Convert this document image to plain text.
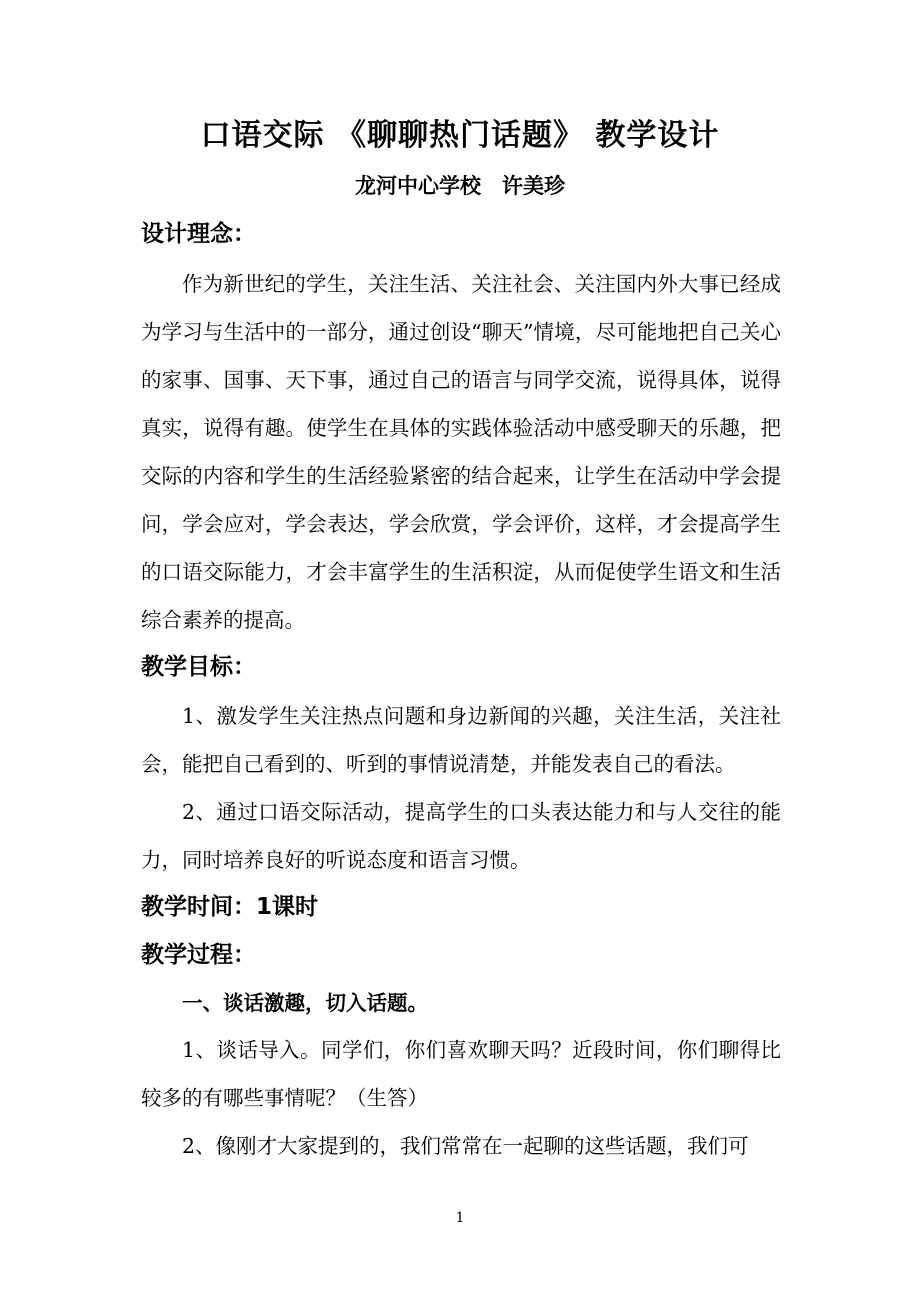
口语交际 《聊聊热门话题》 教学设计
龙河中心学校　许美珍
设计理念：
作为新世纪的学生，关注生活、关注社会、关注国内外大事已经成为学习与生活中的一部分，通过创设“聊天”情境，尽可能地把自己关心的家事、国事、天下事，通过自己的语言与同学交流，说得具体，说得真实，说得有趣。使学生在具体的实践体验活动中感受聊天的乐趣，把交际的内容和学生的生活经验紧密的结合起来，让学生在活动中学会提问，学会应对，学会表达，学会欣赏，学会评价，这样，才会提高学生的口语交际能力，才会丰富学生的生活积淀，从而促使学生语文和生活综合素养的提高。
教学目标：
1、激发学生关注热点问题和身边新闻的兴趣，关注生活，关注社会，能把自己看到的、听到的事情说清楚，并能发表自己的看法。
2、通过口语交际活动，提高学生的口头表达能力和与人交往的能力，同时培养良好的听说态度和语言习惯。
教学时间：1课时
教学过程：
一、谈话激趣，切入话题。
1、谈话导入。同学们，你们喜欢聊天吗？近段时间，你们聊得比较多的有哪些事情呢？（生答）
2、像刚才大家提到的，我们常常在一起聊的这些话题，我们可
1
